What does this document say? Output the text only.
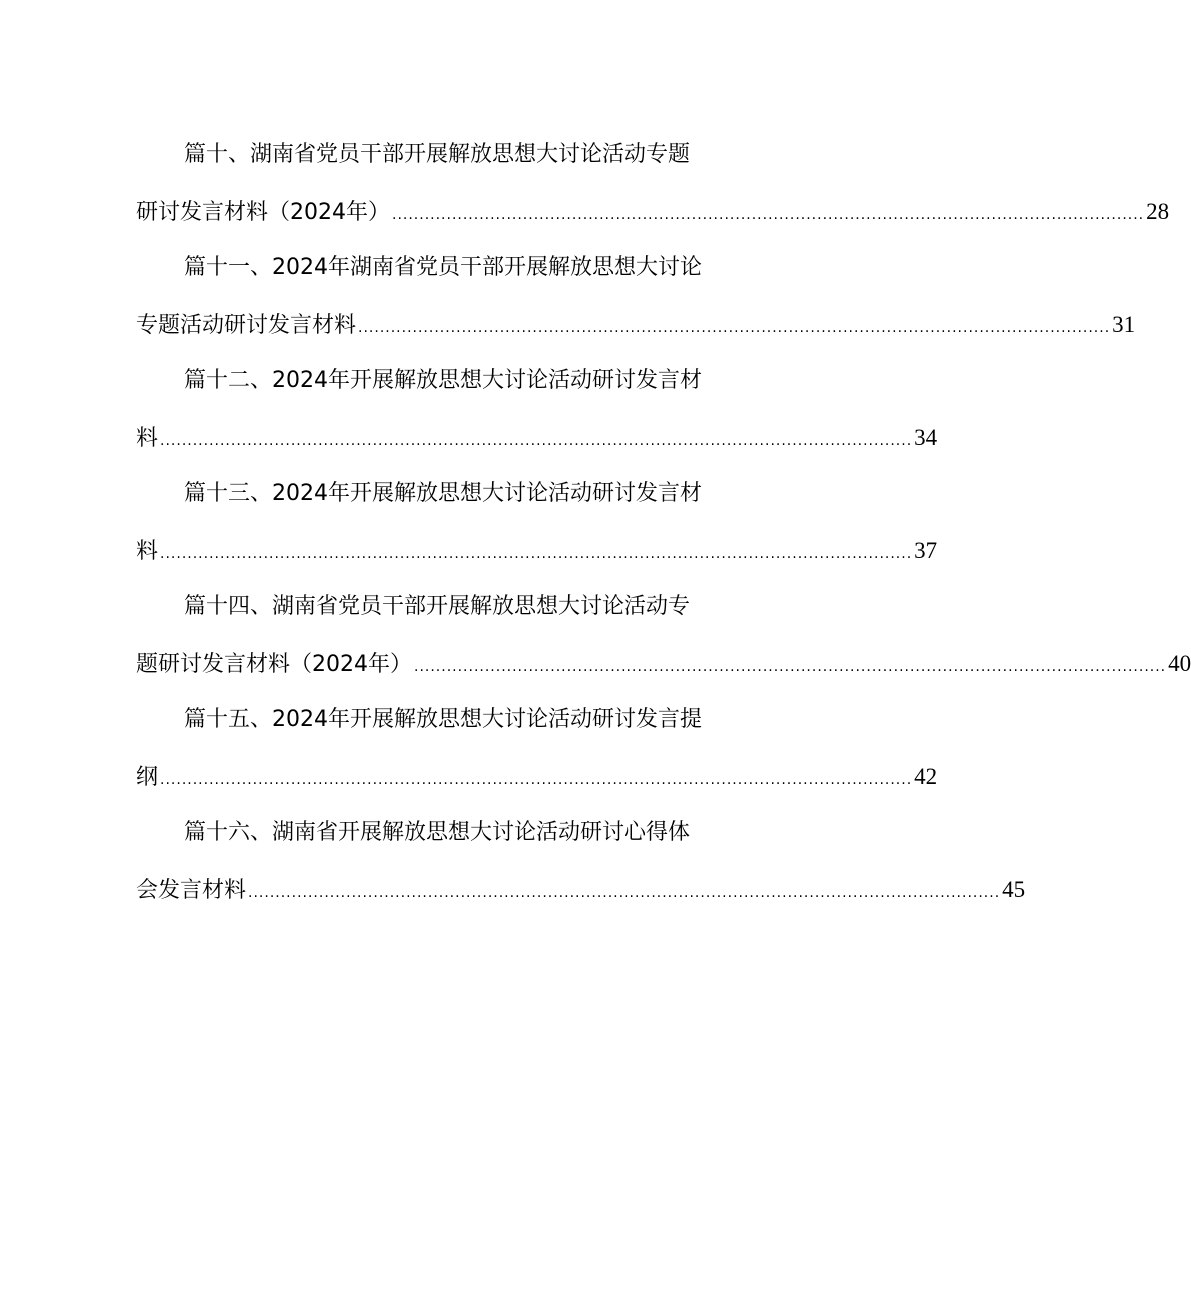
篇十、湖南省党员干部开展解放思想大讨论活动专题
研讨发言材料（2024年） .......................................................................................................................................... 28
篇十一、2024年湖南省党员干部开展解放思想大讨论
专题活动研讨发言材料 .......................................................................................................................................... 31
篇十二、2024年开展解放思想大讨论活动研讨发言材
料 .......................................................................................................................................... 34
篇十三、2024年开展解放思想大讨论活动研讨发言材
料 .......................................................................................................................................... 37
篇十四、湖南省党员干部开展解放思想大讨论活动专
题研讨发言材料（2024年） .......................................................................................................................................... 40
篇十五、2024年开展解放思想大讨论活动研讨发言提
纲 .......................................................................................................................................... 42
篇十六、湖南省开展解放思想大讨论活动研讨心得体
会发言材料 .......................................................................................................................................... 45
